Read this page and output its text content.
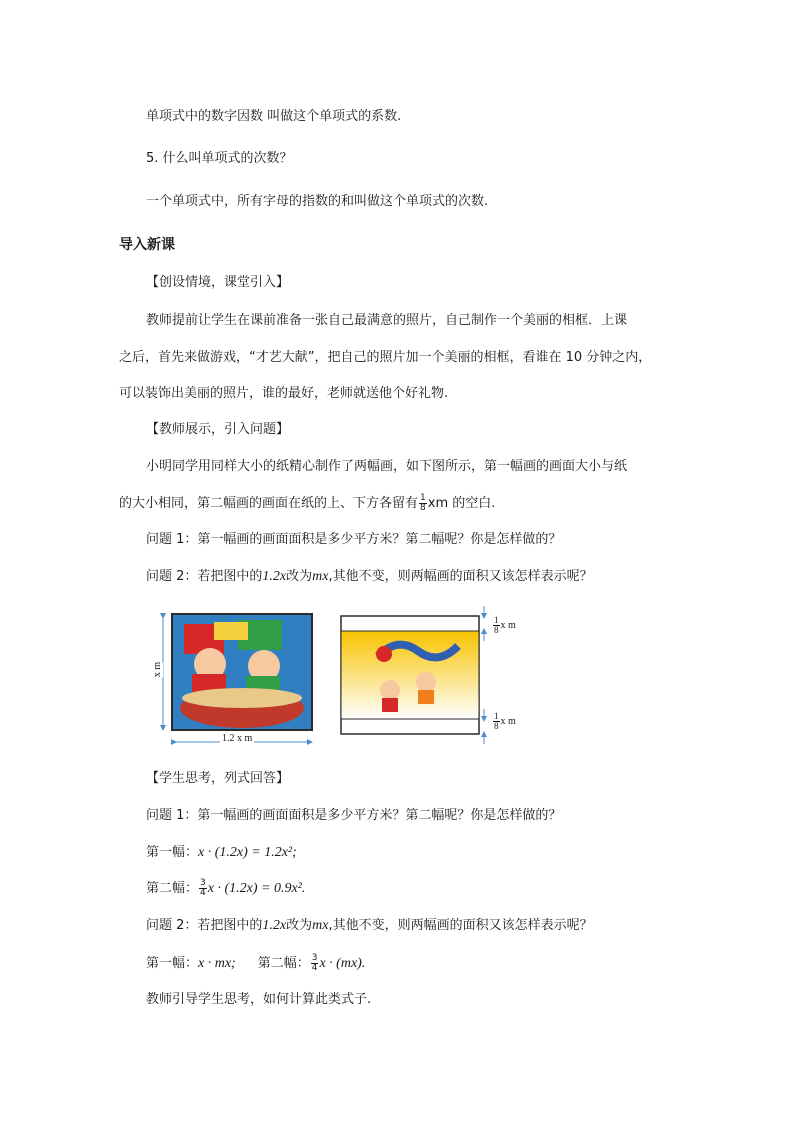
单项式中的数字因数 叫做这个单项式的系数.
5. 什么叫单项式的次数？
一个单项式中，所有字母的指数的和叫做这个单项式的次数.
导入新课
【创设情境，课堂引入】
教师提前让学生在课前准备一张自己最满意的照片，自己制作一个美丽的相框．上课
之后，首先来做游戏，“才艺大献”，把自己的照片加一个美丽的相框，看谁在 10 分钟之内，
可以装饰出美丽的照片，谁的最好，老师就送他个好礼物.
【教师展示，引入问题】
小明同学用同样大小的纸精心制作了两幅画，如下图所示，第一幅画的画面大小与纸
的大小相同，第二幅画的画面在纸的上、下方各留有 $\frac{1}{8}$ xm 的空白.
问题 1：第一幅画的画面面积是多少平方米？第二幅呢？你是怎样做的？
问题 2：若把图中的1.2x改为mx,其他不变，则两幅画的面积又该怎样表示呢？
1.2 x m
x m
$\frac{1}{8}$ x m
$\frac{1}{8}$ x m
【学生思考，列式回答】
问题 1：第一幅画的画面面积是多少平方米？第二幅呢？你是怎样做的？
第一幅：x · (1.2x) = 1.2x²;
第二幅： $\frac{3}{4}$ x · (1.2x) = 0.9x².
问题 2：若把图中的1.2x改为mx,其他不变，则两幅画的面积又该怎样表示呢？
第一幅：x · mx; 第二幅： $\frac{3}{4}$ x · (mx).
教师引导学生思考，如何计算此类式子.
